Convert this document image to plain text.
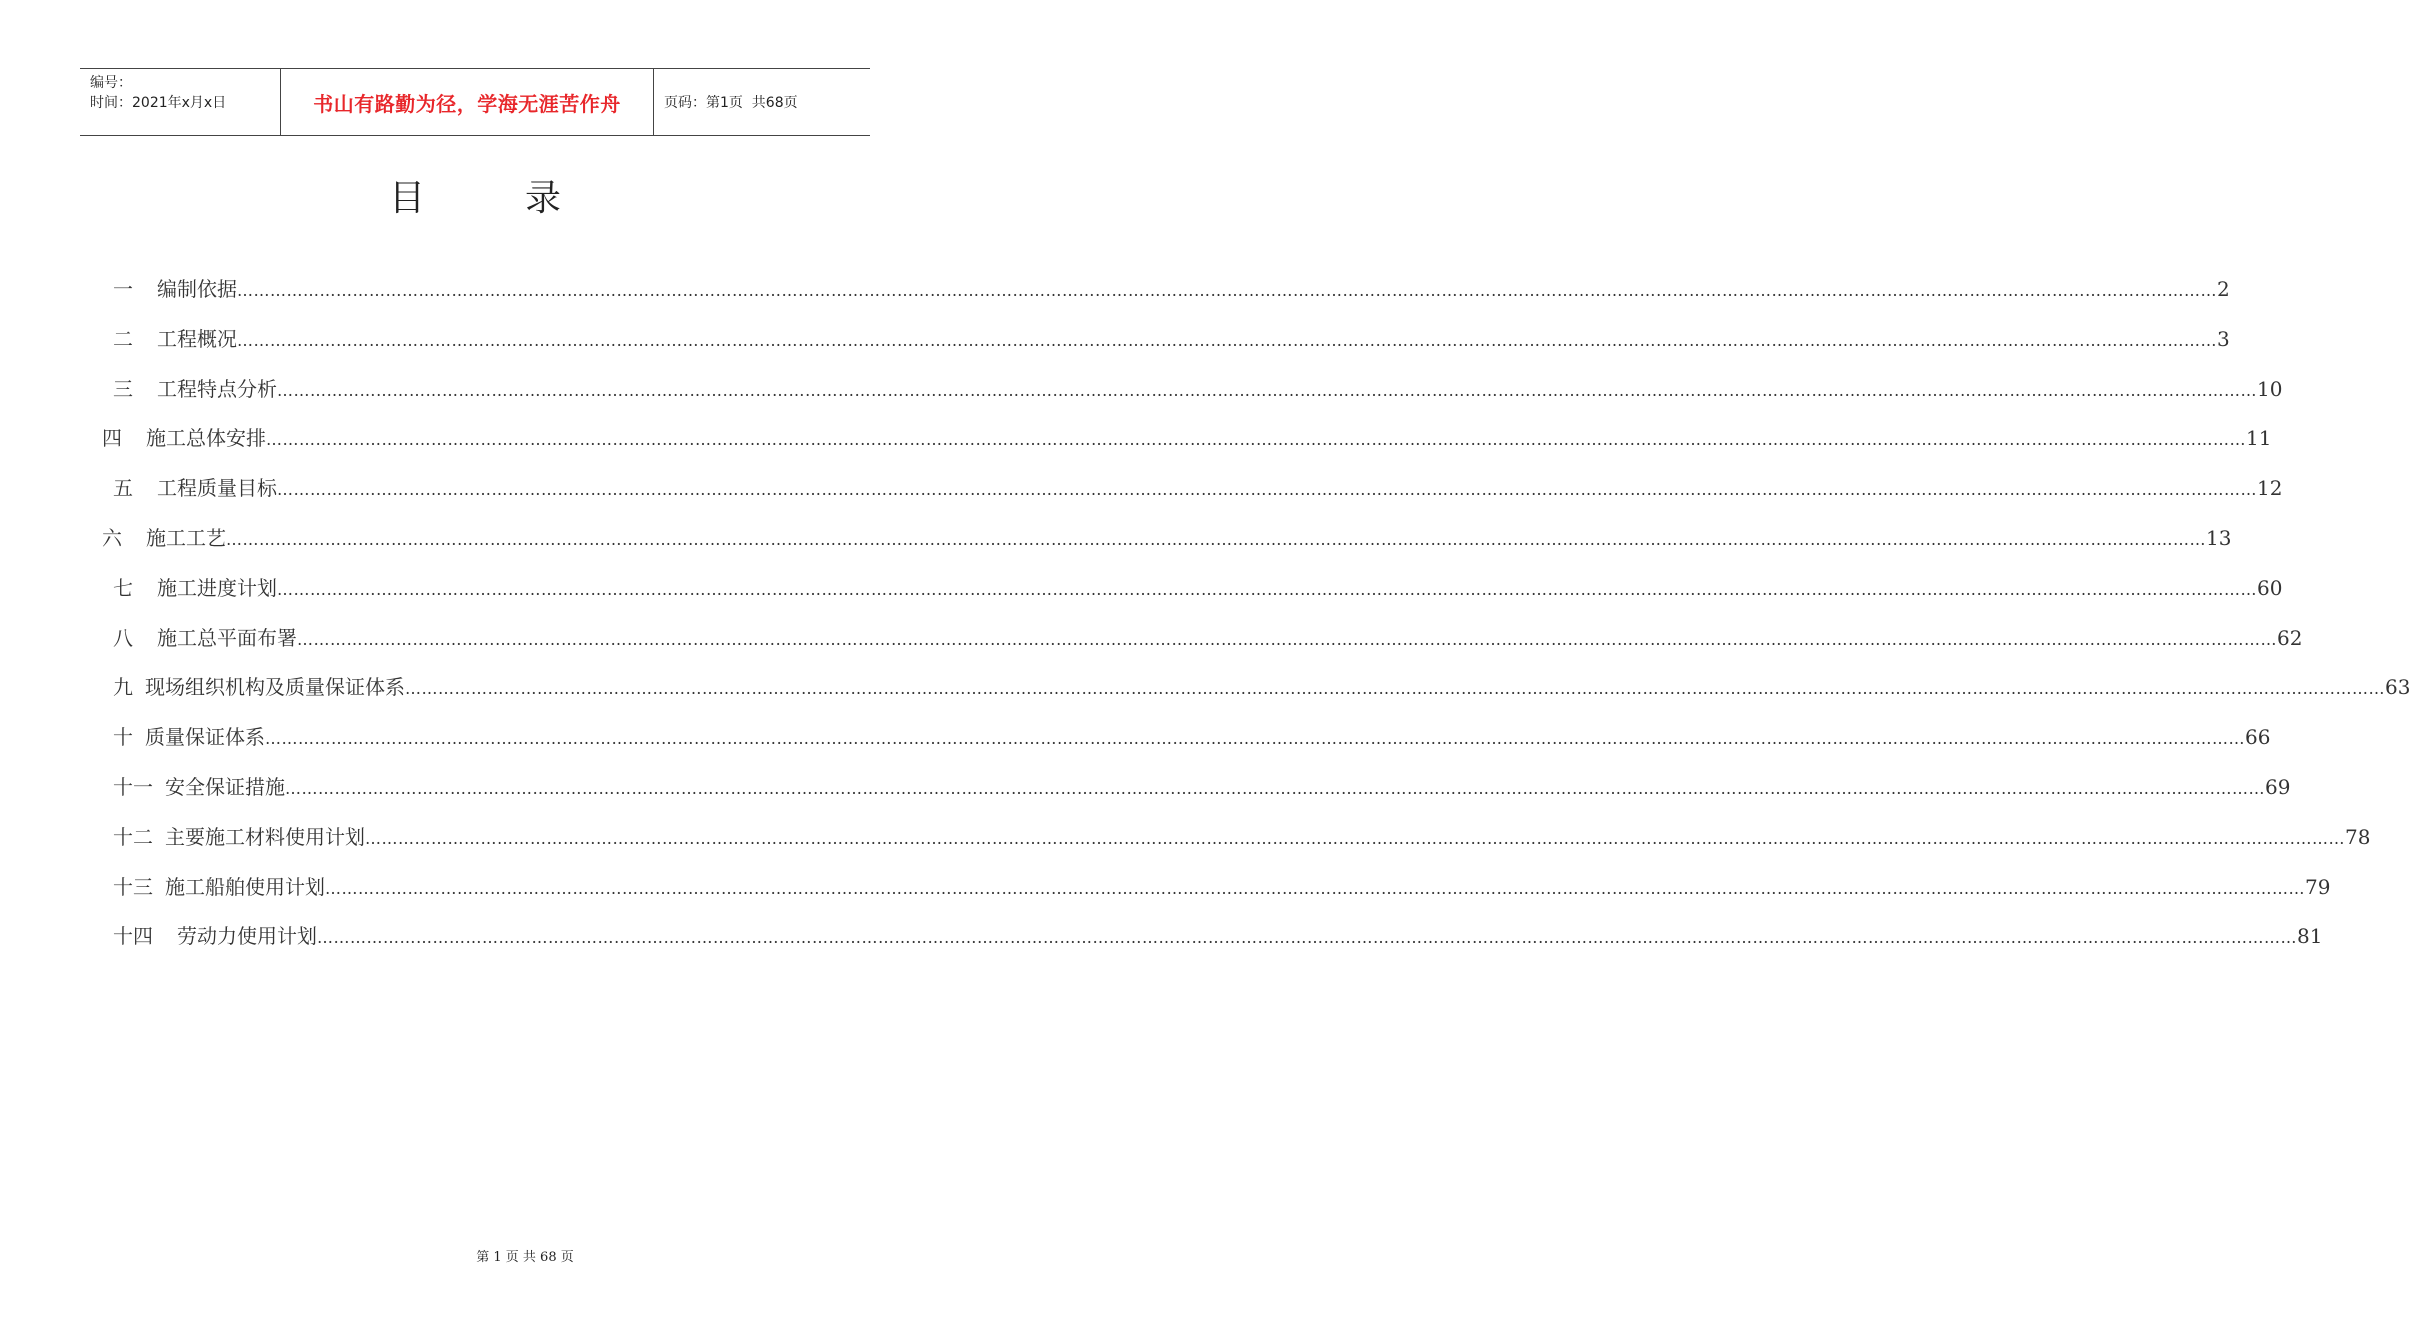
编号：
时间：2021年x月x日	书山有路勤为径，学海无涯苦作舟	页码：第1页  共68页
目录
一 编制依据 ……………………………………………………………………………………………………………………………………………………………………………………………………………………………………………………………………………………………………………………………… 2
二 工程概况 ……………………………………………………………………………………………………………………………………………………………………………………………………………………………………………………………………………………………………………………………… 3
三 工程特点分析 ……………………………………………………………………………………………………………………………………………………………………………………………………………………………………………………………………………………………………………………………… 10
四 施工总体安排 ……………………………………………………………………………………………………………………………………………………………………………………………………………………………………………………………………………………………………………………………… 11
五 工程质量目标 ……………………………………………………………………………………………………………………………………………………………………………………………………………………………………………………………………………………………………………………………… 12
六 施工工艺 ……………………………………………………………………………………………………………………………………………………………………………………………………………………………………………………………………………………………………………………………… 13
七 施工进度计划 ……………………………………………………………………………………………………………………………………………………………………………………………………………………………………………………………………………………………………………………………… 60
八 施工总平面布署 ……………………………………………………………………………………………………………………………………………………………………………………………………………………………………………………………………………………………………………………………… 62
九 现场组织机构及质量保证体系 ……………………………………………………………………………………………………………………………………………………………………………………………………………………………………………………………………………………………………………………………… 63
十 质量保证体系 ……………………………………………………………………………………………………………………………………………………………………………………………………………………………………………………………………………………………………………………………… 66
十一 安全保证措施 ……………………………………………………………………………………………………………………………………………………………………………………………………………………………………………………………………………………………………………………………… 69
十二 主要施工材料使用计划 ……………………………………………………………………………………………………………………………………………………………………………………………………………………………………………………………………………………………………………………………… 78
十三 施工船舶使用计划 ……………………………………………………………………………………………………………………………………………………………………………………………………………………………………………………………………………………………………………………………… 79
十四 劳动力使用计划 ……………………………………………………………………………………………………………………………………………………………………………………………………………………………………………………………………………………………………………………………… 81
第 1 页 共 68 页
